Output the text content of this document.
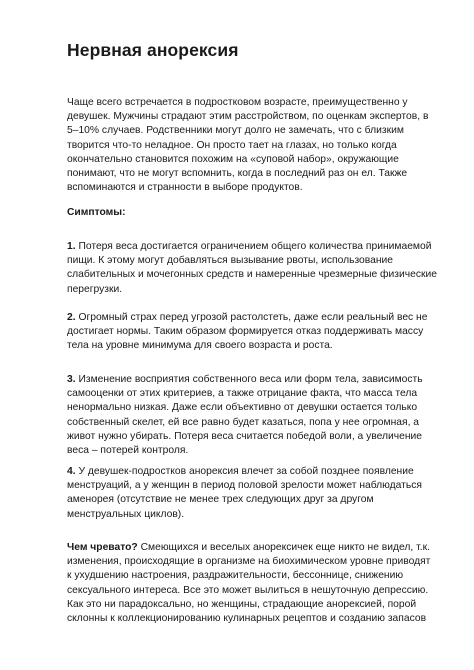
Нервная анорексия
Чаще всего встречается в подростковом возрасте, преимущественно у
девушек. Мужчины страдают этим расстройством, по оценкам экспертов, в
5–10% случаев. Родственники могут долго не замечать, что с близким
творится что-то неладное. Он просто тает на глазах, но только когда
окончательно становится похожим на «суповой набор», окружающие
понимают, что не могут вспомнить, когда в последний раз он ел. Также
вспоминаются и странности в выборе продуктов.
Симптомы:
1. Потеря веса достигается ограничением общего количества принимаемой
пищи. К этому могут добавляться вызывание рвоты, использование
слабительных и мочегонных средств и намеренные чрезмерные физические
перегрузки.
2. Огромный страх перед угрозой растолстеть, даже если реальный вес не
достигает нормы. Таким образом формируется отказ поддерживать массу
тела на уровне минимума для своего возраста и роста.
3. Изменение восприятия собственного веса или форм тела, зависимость
самооценки от этих критериев, а также отрицание факта, что масса тела
ненормально низкая. Даже если объективно от девушки остается только
собственный скелет, ей все равно будет казаться, попа у нее огромная, а
живот нужно убирать. Потеря веса считается победой воли, а увеличение
веса – потерей контроля.
4. У девушек-подростков анорексия влечет за собой позднее появление
менструаций, а у женщин в период половой зрелости может наблюдаться
аменорея (отсутствие не менее трех следующих друг за другом
менструальных циклов).
Чем чревато? Смеющихся и веселых анорексичек еще никто не видел, т.к.
изменения, происходящие в организме на биохимическом уровне приводят
к ухудшению настроения, раздражительности, бессоннице, снижению
сексуального интереса. Все это может вылиться в нешуточную депрессию.
Как это ни парадоксально, но женщины, страдающие анорексией, порой
склонны к коллекционированию кулинарных рецептов и созданию запасов
